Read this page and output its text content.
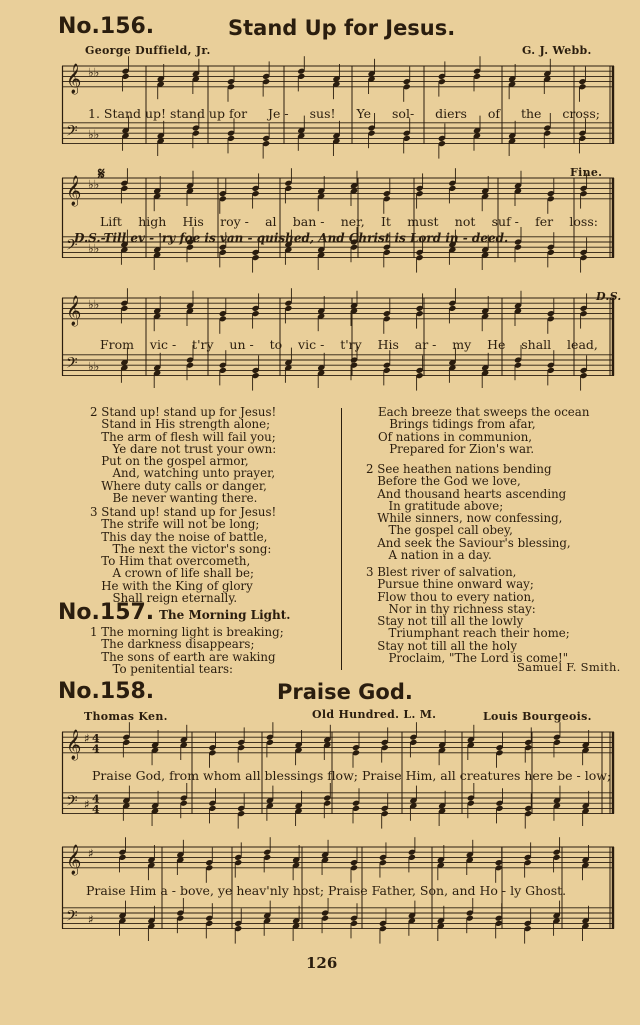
No.156.	Stand Up for Jesus.
George Duffield, Jr.	G. J. Webb.
𝄞
𝄢
♭♭
♭♭
1. Stand up! stand up for Je - sus! Ye sol- diers of the cross;
𝄋	Fine.
𝄞
𝄢
♭♭
♭♭
Lift high His roy - al ban - ner, It must not suf - fer loss:
D.S.-Till ev - 'ry foe is van - quished, And Christ is Lord in - deed.
D.S.
𝄞
𝄢
♭♭
♭♭
From vic - t'ry un - to vic - t'ry His ar - my He shall lead,
2 Stand up! stand up for Jesus!
Stand in His strength alone;
The arm of flesh will fail you;
Ye dare not trust your own:
Put on the gospel armor,
And, watching unto prayer,
Where duty calls or danger,
Be never wanting there.
3 Stand up! stand up for Jesus!
The strife will not be long;
This day the noise of battle,
The next the victor's song:
To Him that overcometh,
A crown of life shall be;
He with the King of glory
Shall reign eternally.
No.157. The Morning Light.
1 The morning light is breaking;
The darkness disappears;
The sons of earth are waking
To penitential tears:
Each breeze that sweeps the ocean
Brings tidings from afar,
Of nations in communion,
Prepared for Zion's war.
2 See heathen nations bending
Before the God we love,
And thousand hearts ascending
In gratitude above;
While sinners, now confessing,
The gospel call obey,
And seek the Saviour's blessing,
A nation in a day.
3 Blest river of salvation,
Pursue thine onward way;
Flow thou to every nation,
Nor in thy richness stay:
Stay not till all the lowly
Triumphant reach their home;
Stay not till all the holy
Proclaim, "The Lord is come!"
Samuel F. Smith.
No.158.	Praise God.
Thomas Ken.	Old Hundred. L. M.	Louis Bourgeois.
𝄞
𝄢
4
4
4
4
♯
♯
Praise God, from whom all blessings flow; Praise Him, all creatures here be - low;
𝄞
𝄢
♯
♯
Praise Him a - bove, ye heav'nly host; Praise Father, Son, and Ho - ly Ghost.
126
